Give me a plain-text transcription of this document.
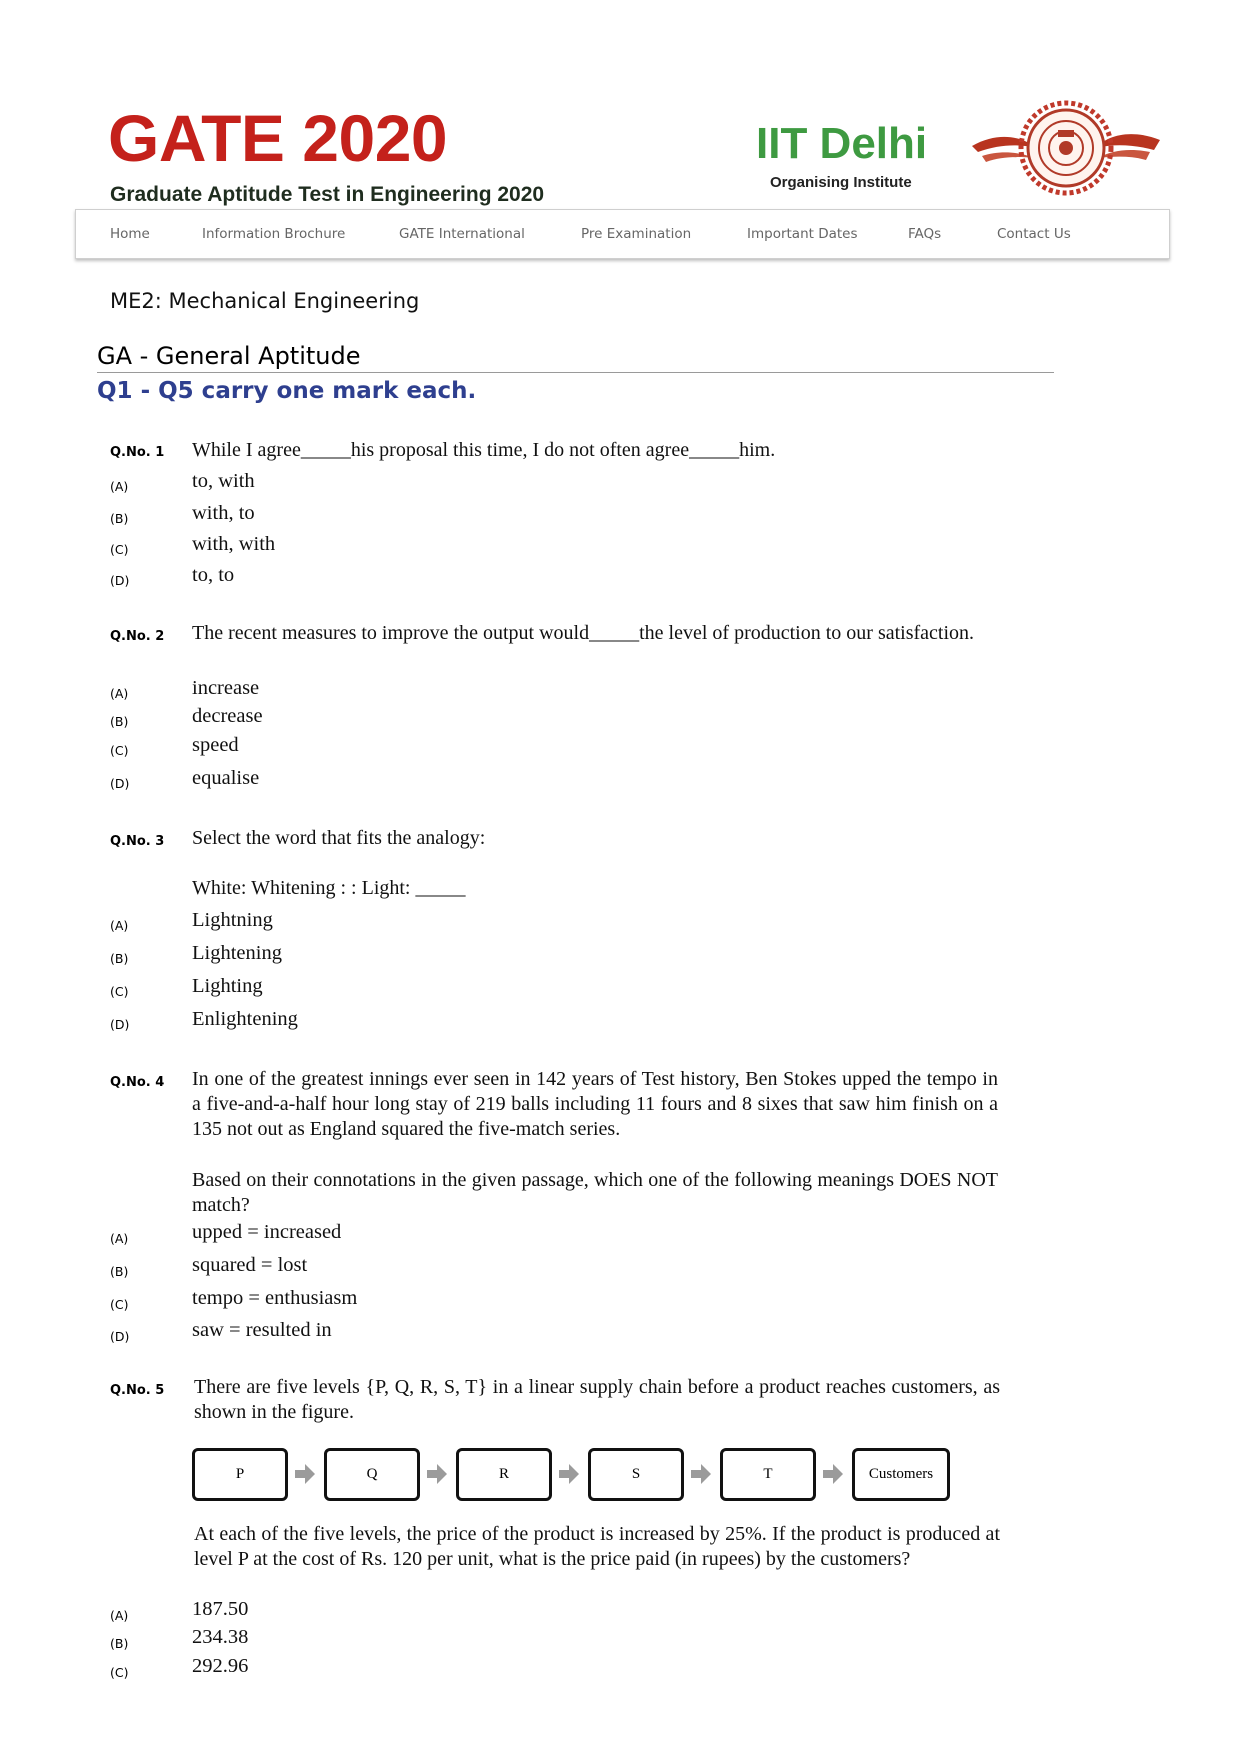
GATE 2020
Graduate Aptitude Test in Engineering 2020
IIT Delhi
Organising Institute
Home	Information Brochure	GATE International	Pre Examination	Important Dates	FAQs	Contact Us
ME2: Mechanical Engineering
GA - General Aptitude
Q1 - Q5 carry one mark each.
Q.No. 1 While I agree_____his proposal this time, I do not often agree_____him.
(A)	to, with
(B)	with, to
(C)	with, with
(D)	to, to
Q.No. 2 The recent measures to improve the output would_____the level of production to our satisfaction.
(A)	increase
(B)	decrease
(C)	speed
(D)	equalise
Q.No. 3 Select the word that fits the analogy:
White: Whitening : : Light: _____
(A)	Lightning
(B)	Lightening
(C)	Lighting
(D)	Enlightening
Q.No. 4 In one of the greatest innings ever seen in 142 years of Test history, Ben Stokes upped the tempo in a five-and-a-half hour long stay of 219 balls including 11 fours and 8 sixes that saw him finish on a 135 not out as England squared the five-match series.
Based on their connotations in the given passage, which one of the following meanings DOES NOT match?
(A)	upped = increased
(B)	squared = lost
(C)	tempo = enthusiasm
(D)	saw = resulted in
Q.No. 5 There are five levels {P, Q, R, S, T} in a linear supply chain before a product reaches customers, as shown in the figure.
P	Q	R	S	T	Customers
At each of the five levels, the price of the product is increased by 25%. If the product is produced at level P at the cost of Rs. 120 per unit, what is the price paid (in rupees) by the customers?
(A)	187.50
(B)	234.38
(C)	292.96
